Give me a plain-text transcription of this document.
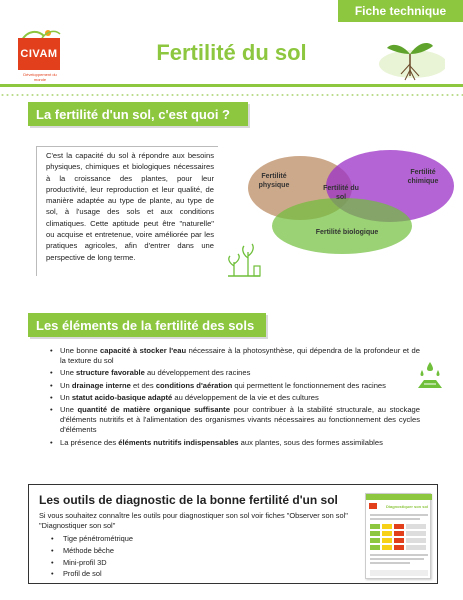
Fiche technique
CIVAM
Développement du monde
Fertilité du sol
La fertilité d'un sol, c'est quoi ?
C'est la capacité du sol à répondre aux besoins physiques, chimiques et biologiques nécessaires à la croissance des plantes, pour leur productivité, leur reproduction et leur qualité, de manière adaptée au type de plante, au type de sol, à l'usage des sols et aux conditions climatiques. Cette aptitude peut être "naturelle" ou acquise et entretenue, voire améliorée par les pratiques agricoles, afin d'entrer dans une perspective de long terme.
Fertilité physique
Fertilité chimique
Fertilité du sol
Fertilité biologique
Les éléments de la fertilité des sols
• Une bonne capacité à stocker l'eau nécessaire à la photosynthèse, qui dépendra de la profondeur et de la texture du sol
• Une structure favorable au développement des racines
• Un drainage interne et des conditions d'aération qui permettent le fonctionnement des racines
• Un statut acido-basique adapté au développement de la vie et des cultures
• Une quantité de matière organique suffisante pour contribuer à la stabilité structurale, au stockage d'éléments nutritifs et à l'alimentation des organismes vivants nécessaires au fonctionnement des cycles d'éléments
• La présence des éléments nutritifs indispensables aux plantes, sous des formes assimilables
Les outils de diagnostic de la bonne fertilité d'un sol
Si vous souhaitez connaître les outils pour diagnostiquer son sol voir fiches "Observer son sol" "Diagnostiquer son sol"
• Tige pénétrométrique
• Méthode bêche
• Mini-profil 3D
• Profil de sol
Diagnostiquer son sol
